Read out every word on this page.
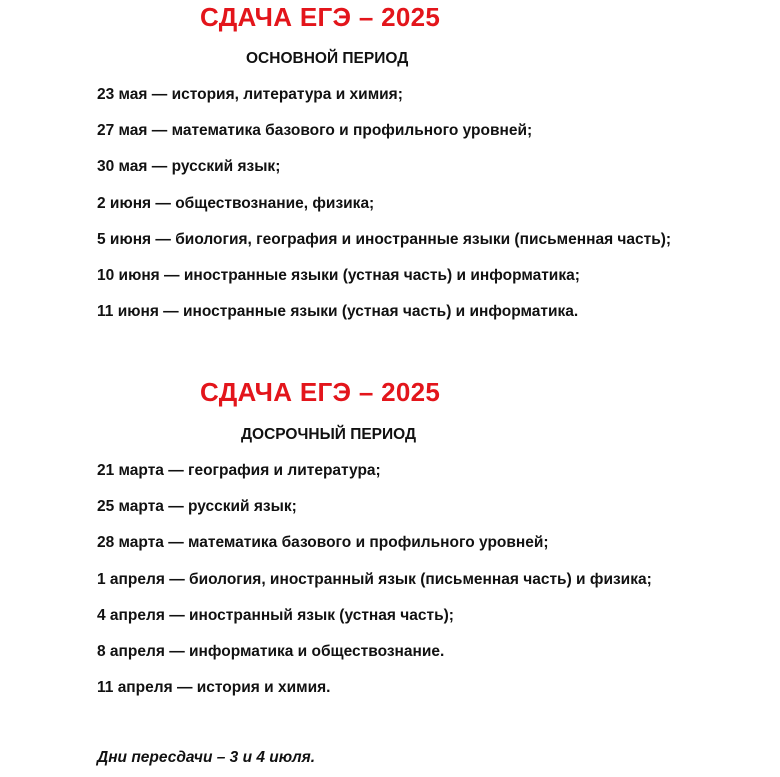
СДАЧА ЕГЭ – 2025
ОСНОВНОЙ ПЕРИОД
23 мая — история, литература и химия;
27 мая — математика базового и профильного уровней;
30 мая — русский язык;
2 июня — обществознание, физика;
5 июня — биология, география и иностранные языки (письменная часть);
10 июня — иностранные языки (устная часть) и информатика;
11 июня — иностранные языки (устная часть) и информатика.
СДАЧА ЕГЭ – 2025
ДОСРОЧНЫЙ ПЕРИОД
21 марта — география и литература;
25 марта — русский язык;
28 марта — математика базового и профильного уровней;
1 апреля — биология, иностранный язык (письменная часть) и физика;
4 апреля — иностранный язык (устная часть);
8 апреля — информатика и обществознание.
11 апреля — история и химия.
Дни пересдачи – 3 и 4 июля.
